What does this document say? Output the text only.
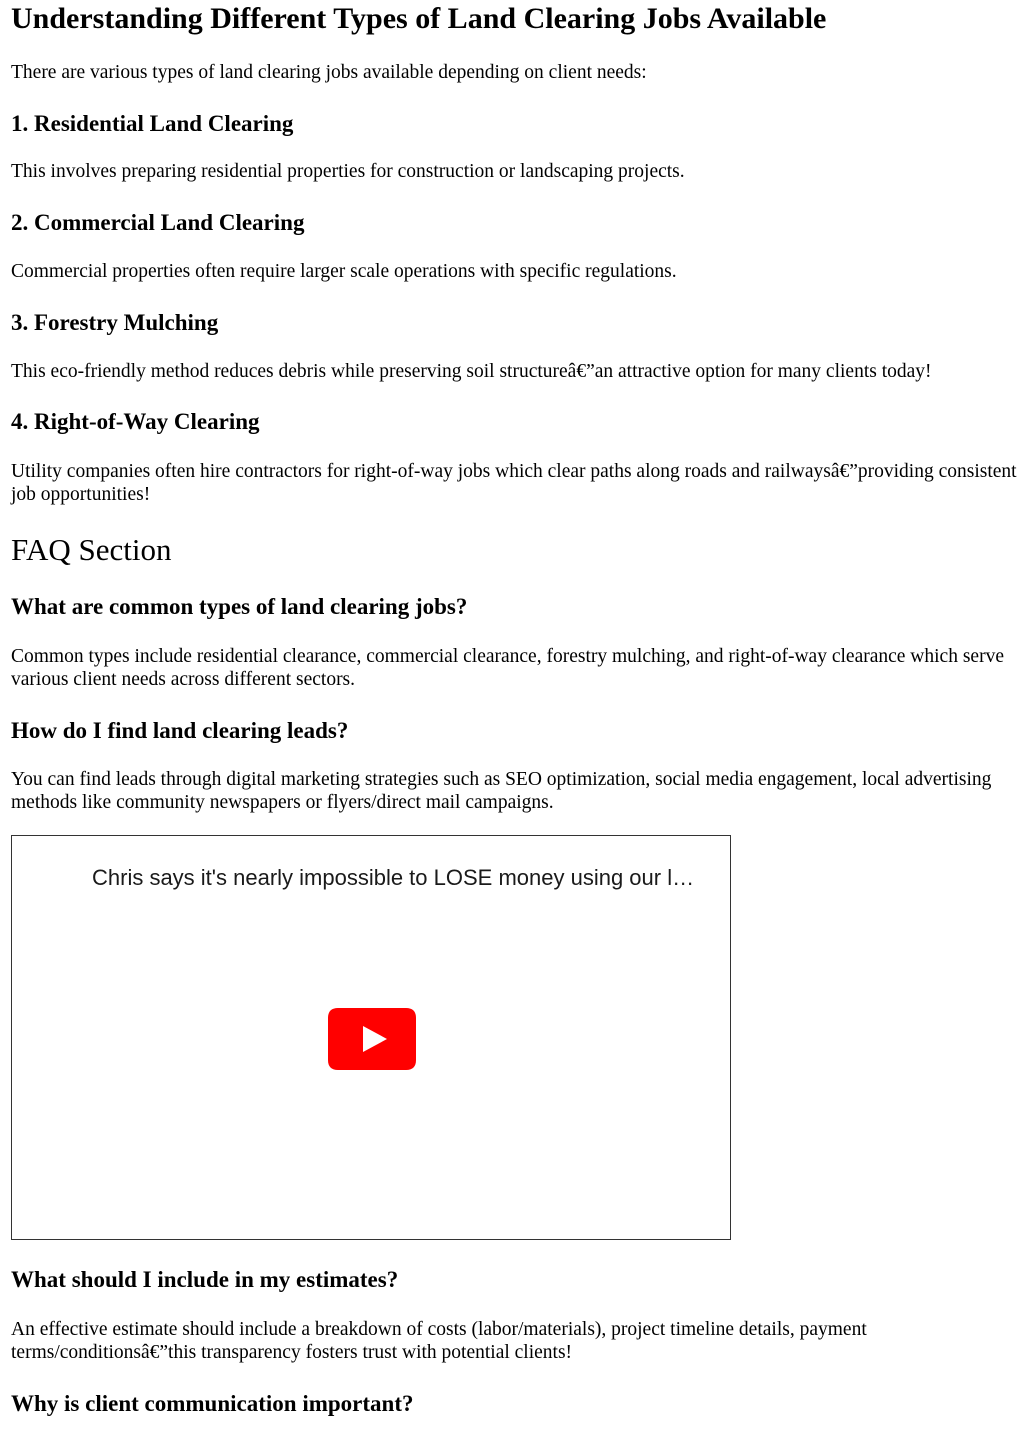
Understanding Different Types of Land Clearing Jobs Available

There are various types of land clearing jobs available depending on client needs:

1. Residential Land Clearing

This involves preparing residential properties for construction or landscaping projects.

2. Commercial Land Clearing

Commercial properties often require larger scale operations with specific regulations.

3. Forestry Mulching

This eco-friendly method reduces debris while preserving soil structureâ€”an attractive option for many clients today!

4. Right-of-Way Clearing

Utility companies often hire contractors for right-of-way jobs which clear paths along roads and railwaysâ€”providing consistent job opportunities!

FAQ Section
What are common types of land clearing jobs?

Common types include residential clearance, commercial clearance, forestry mulching, and right-of-way clearance which serve various client needs across different sectors.

How do I find land clearing leads?

You can find leads through digital marketing strategies such as SEO optimization, social media engagement, local advertising methods like community newspapers or flyers/direct mail campaigns.

Chris says it's nearly impossible to LOSE money using our l…
What should I include in my estimates?

An effective estimate should include a breakdown of costs (labor/materials), project timeline details, payment terms/conditionsâ€”this transparency fosters trust with potential clients!

Why is client communication important?
